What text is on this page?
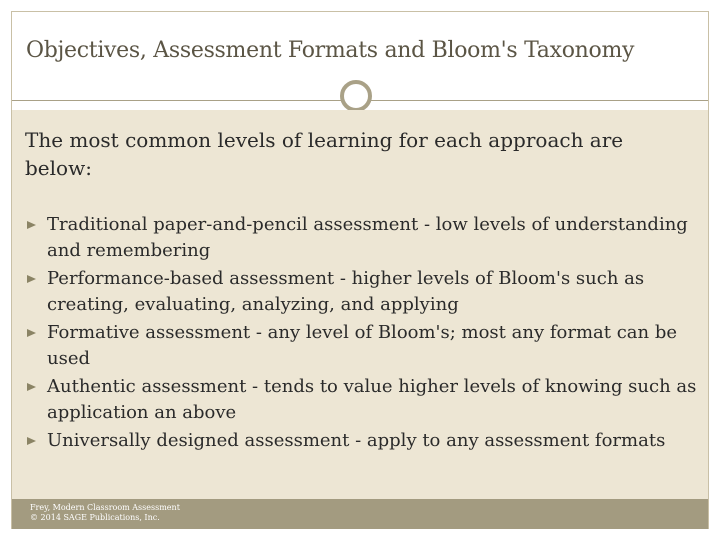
Objectives, Assessment Formats and Bloom's Taxonomy

The most common levels of learning for each approach are below:

Traditional paper-and-pencil assessment - low levels of understanding and remembering
Performance-based assessment - higher levels of Bloom's such as creating, evaluating, analyzing, and applying
Formative assessment - any level of Bloom's; most any format can be used
Authentic assessment - tends to value higher levels of knowing such as application an above
Universally designed assessment - apply to any assessment formats
Frey, Modern Classroom Assessment
© 2014 SAGE Publications, Inc.
